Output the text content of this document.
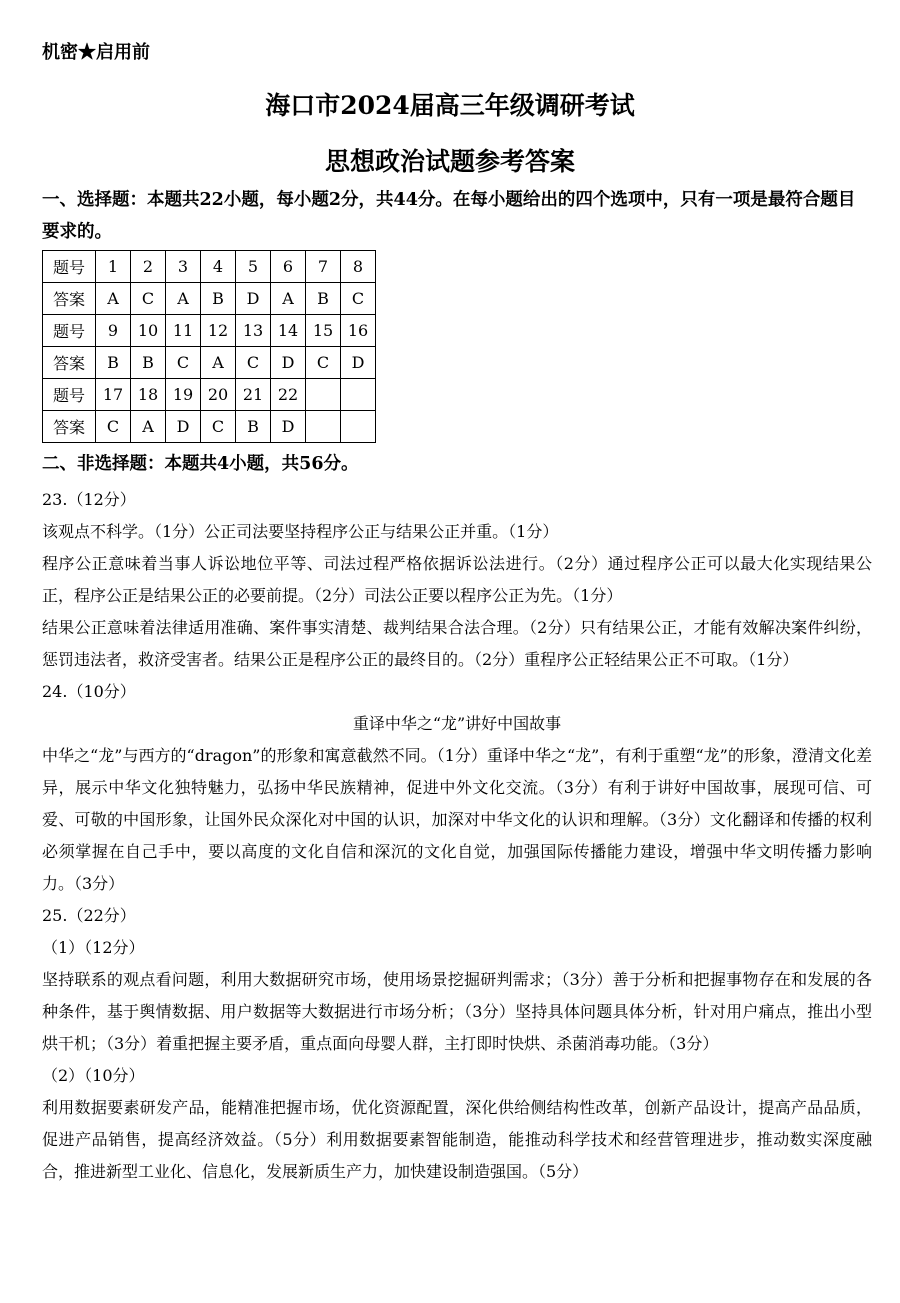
机密★启用前
海口市2024届高三年级调研考试
思想政治试题参考答案
一、选择题：本题共22小题，每小题2分，共44分。在每小题给出的四个选项中，只有一项是最符合题目要求的。
题号	1	2	3	4	5	6	7	8
答案	A	C	A	B	D	A	B	C
题号	9	10	11	12	13	14	15	16
答案	B	B	C	A	C	D	C	D
题号	17	18	19	20	21	22		
答案	C	A	D	C	B	D		
二、非选择题：本题共4小题，共56分。

23.（12分）

该观点不科学。（1分）公正司法要坚持程序公正与结果公正并重。（1分）

程序公正意味着当事人诉讼地位平等、司法过程严格依据诉讼法进行。（2分）通过程序公正可以最大化实现结果公正，程序公正是结果公正的必要前提。（2分）司法公正要以程序公正为先。（1分）

结果公正意味着法律适用准确、案件事实清楚、裁判结果合法合理。（2分）只有结果公正，才能有效解决案件纠纷，惩罚违法者，救济受害者。结果公正是程序公正的最终目的。（2分）重程序公正轻结果公正不可取。（1分）

24.（10分）

重译中华之“龙”讲好中国故事

中华之“龙”与西方的“dragon”的形象和寓意截然不同。（1分）重译中华之“龙”，有利于重塑“龙”的形象，澄清文化差异，展示中华文化独特魅力，弘扬中华民族精神，促进中外文化交流。（3分）有利于讲好中国故事，展现可信、可爱、可敬的中国形象，让国外民众深化对中国的认识，加深对中华文化的认识和理解。（3分）文化翻译和传播的权利必须掌握在自己手中，要以高度的文化自信和深沉的文化自觉，加强国际传播能力建设，增强中华文明传播力影响力。（3分）

25.（22分）

（1）（12分）

坚持联系的观点看问题，利用大数据研究市场，使用场景挖掘研判需求；（3分）善于分析和把握事物存在和发展的各种条件，基于舆情数据、用户数据等大数据进行市场分析；（3分）坚持具体问题具体分析，针对用户痛点，推出小型烘干机；（3分）着重把握主要矛盾，重点面向母婴人群，主打即时快烘、杀菌消毒功能。（3分）

（2）（10分）

利用数据要素研发产品，能精准把握市场，优化资源配置，深化供给侧结构性改革，创新产品设计，提高产品品质，促进产品销售，提高经济效益。（5分）利用数据要素智能制造，能推动科学技术和经营管理进步，推动数实深度融合，推进新型工业化、信息化，发展新质生产力，加快建设制造强国。（5分）
